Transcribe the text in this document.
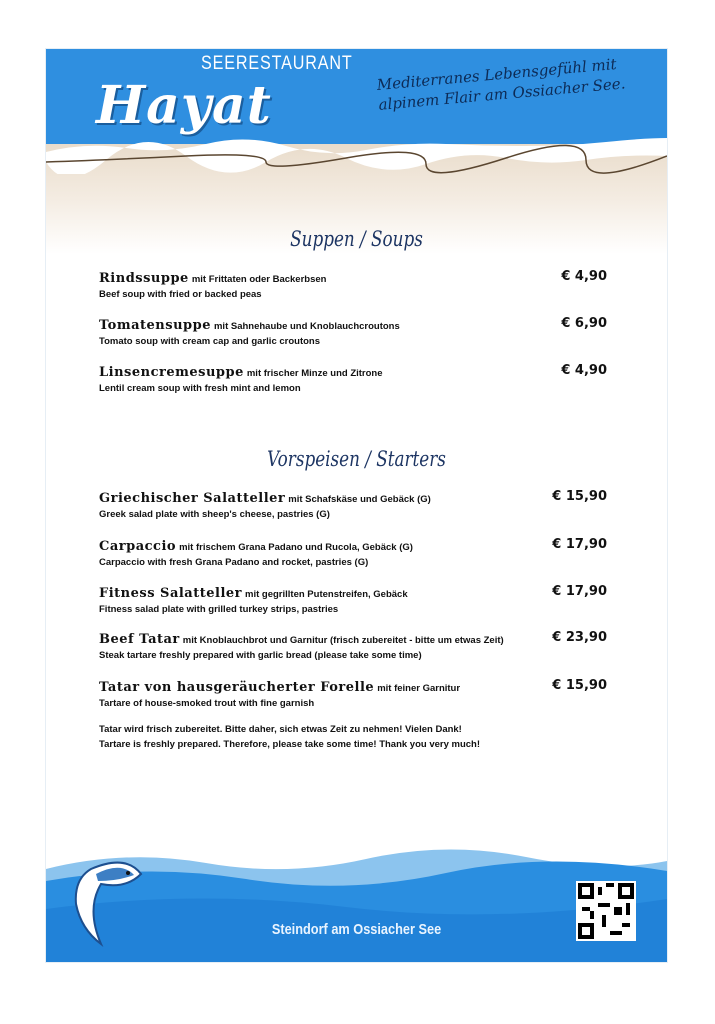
SEERESTAURANT
Hayat
Mediterranes Lebensgefühl mit alpinem Flair am Ossiacher See.
Suppen / Soups
Rindssuppe mit Frittaten oder Backerbsen
Beef soup with fried or backed peas
€ 4,90
Tomatensuppe mit Sahnehaube und Knoblauchcroutons
Tomato soup with cream cap and garlic croutons
€ 6,90
Linsencremesuppe mit frischer Minze und Zitrone
Lentil cream soup with fresh mint and lemon
€ 4,90
Vorspeisen / Starters
Griechischer Salatteller mit Schafskäse und Gebäck (G)
Greek salad plate with sheep's cheese, pastries (G)
€ 15,90
Carpaccio mit frischem Grana Padano und Rucola, Gebäck (G)
Carpaccio with fresh Grana Padano and rocket, pastries (G)
€ 17,90
Fitness Salatteller mit gegrillten Putenstreifen, Gebäck
Fitness salad plate with grilled turkey strips, pastries
€ 17,90
Beef Tatar mit Knoblauchbrot und Garnitur (frisch zubereitet - bitte um etwas Zeit)
Steak tartare freshly prepared with garlic bread (please take some time)
€ 23,90
Tatar von hausgeräucherter Forelle mit feiner Garnitur
Tartare of house-smoked trout with fine garnish
€ 15,90
Tatar wird frisch zubereitet. Bitte daher, sich etwas Zeit zu nehmen! Vielen Dank!
Tartare is freshly prepared. Therefore, please take some time! Thank you very much!
Steindorf am Ossiacher See
